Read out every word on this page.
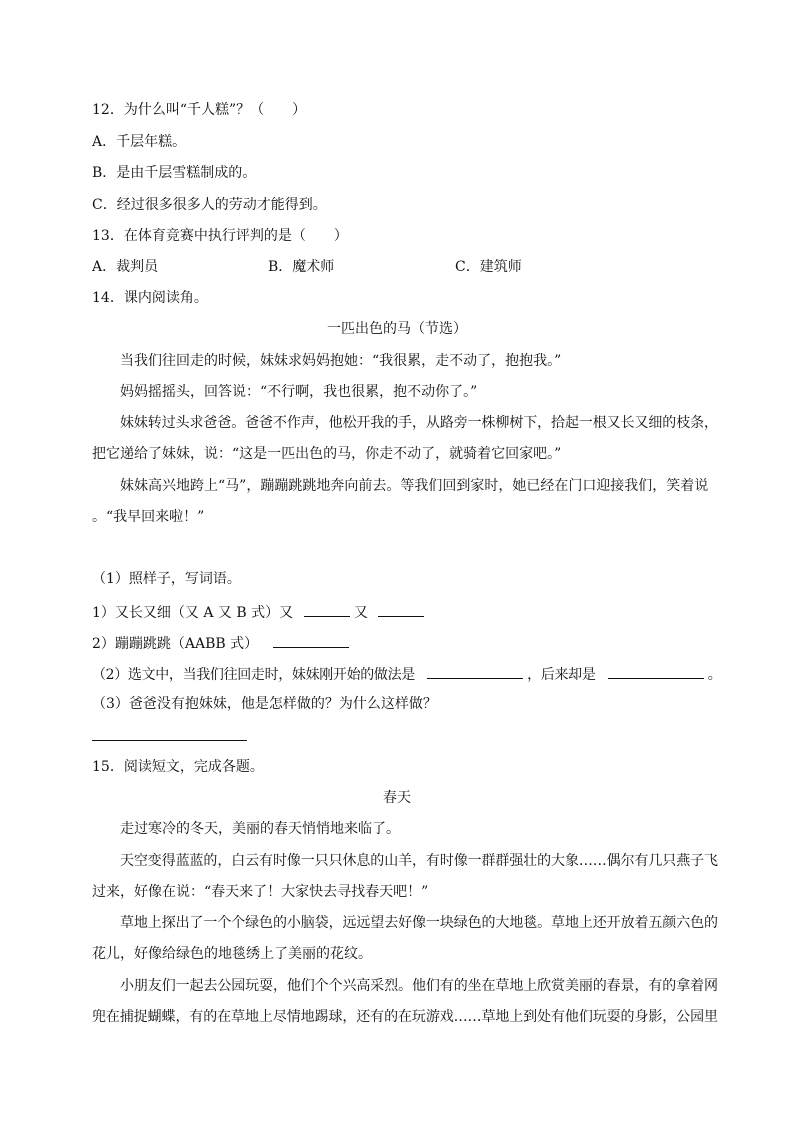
12．为什么叫“千人糕”？（　　）
A．千层年糕。
B．是由千层雪糕制成的。
C．经过很多很多人的劳动才能得到。
13．在体育竞赛中执行评判的是（　　）
A．裁判员	B．魔术师	C．建筑师
14．课内阅读角。
一匹出色的马（节选）
当我们往回走的时候，妹妹求妈妈抱她：“我很累，走不动了，抱抱我。”
妈妈摇摇头，回答说：“不行啊，我也很累，抱不动你了。”
妹妹转过头求爸爸。爸爸不作声，他松开我的手，从路旁一株柳树下，拾起一根又长又细的枝条，
把它递给了妹妹，说：“这是一匹出色的马，你走不动了，就骑着它回家吧。”
妹妹高兴地跨上“马”，蹦蹦跳跳地奔向前去。等我们回到家时，她已经在门口迎接我们，笑着说
。“我早回来啦！”
（1）照样子，写词语。
1）又长又细（又 A 又 B 式）又	又
2）蹦蹦跳跳（AABB 式）
（2）选文中，当我们往回走时，妹妹刚开始的做法是	，后来却是	。
（3）爸爸没有抱妹妹，他是怎样做的？为什么这样做？
15．阅读短文，完成各题。
春天
走过寒冷的冬天，美丽的春天悄悄地来临了。
天空变得蓝蓝的，白云有时像一只只休息的山羊，有时像一群群强壮的大象……偶尔有几只燕子飞
过来，好像在说：“春天来了！大家快去寻找春天吧！”
草地上探出了一个个绿色的小脑袋，远远望去好像一块绿色的大地毯。草地上还开放着五颜六色的
花儿，好像给绿色的地毯绣上了美丽的花纹。
小朋友们一起去公园玩耍，他们个个兴高采烈。他们有的坐在草地上欣赏美丽的春景，有的拿着网
兜在捕捉蝴蝶，有的在草地上尽情地踢球，还有的在玩游戏……草地上到处有他们玩耍的身影，公园里
